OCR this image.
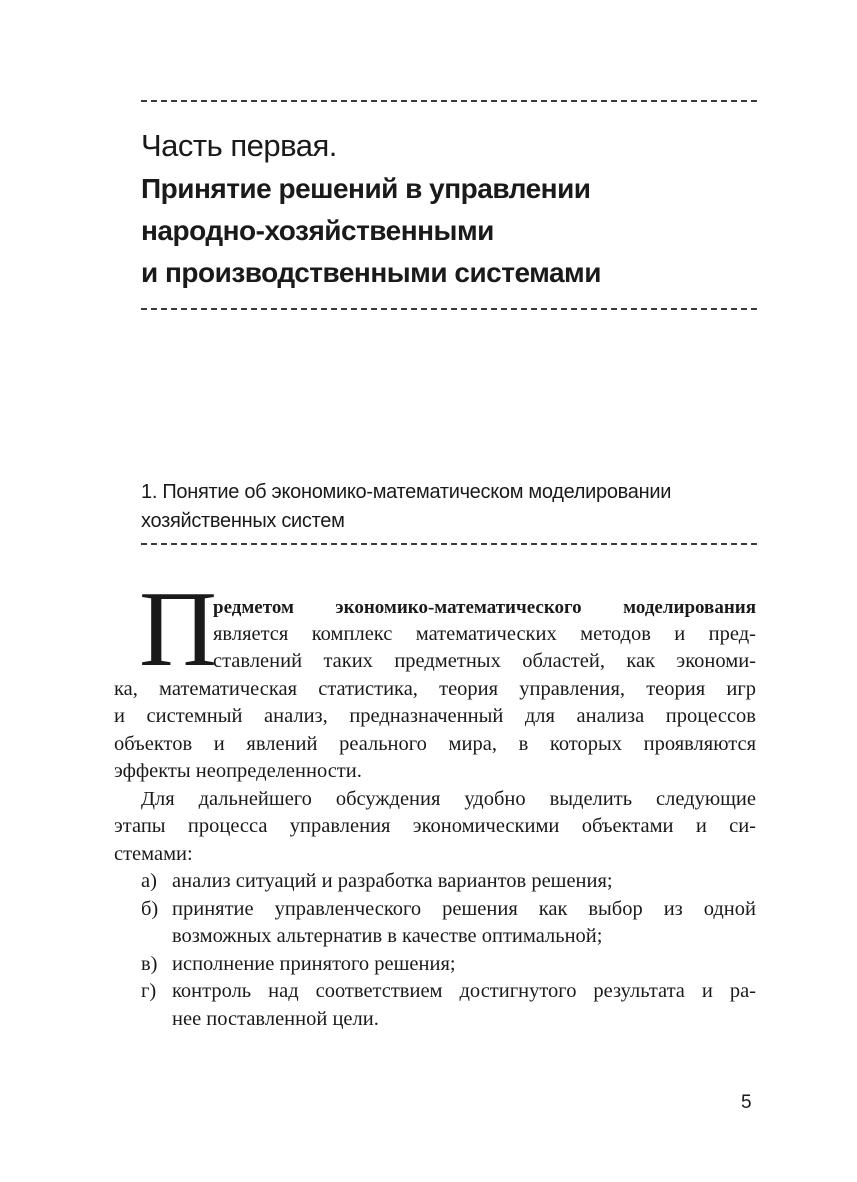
Часть первая.
Принятие решений в управлении
народно-хозяйственными
и производственными системами
1. Понятие об экономико-математическом моделировании
хозяйственных систем
П
редметом экономико-математического моделирования
является комплекс математических методов и пред-
ставлений таких предметных областей, как экономи-
ка, математическая статистика, теория управления, теория игр
и системный анализ, предназначенный для анализа процессов
объектов и явлений реального мира, в которых проявляются
эффекты неопределенности.
Для дальнейшего обсуждения удобно выделить следующие
этапы процесса управления экономическими объектами и си-
стемами:
а) анализ ситуаций и разработка вариантов решения;
б) принятие управленческого решения как выбор из одной
возможных альтернатив в качестве оптимальной;
в) исполнение принятого решения;
г) контроль над соответствием достигнутого результата и ра-
нее поставленной цели.
5
